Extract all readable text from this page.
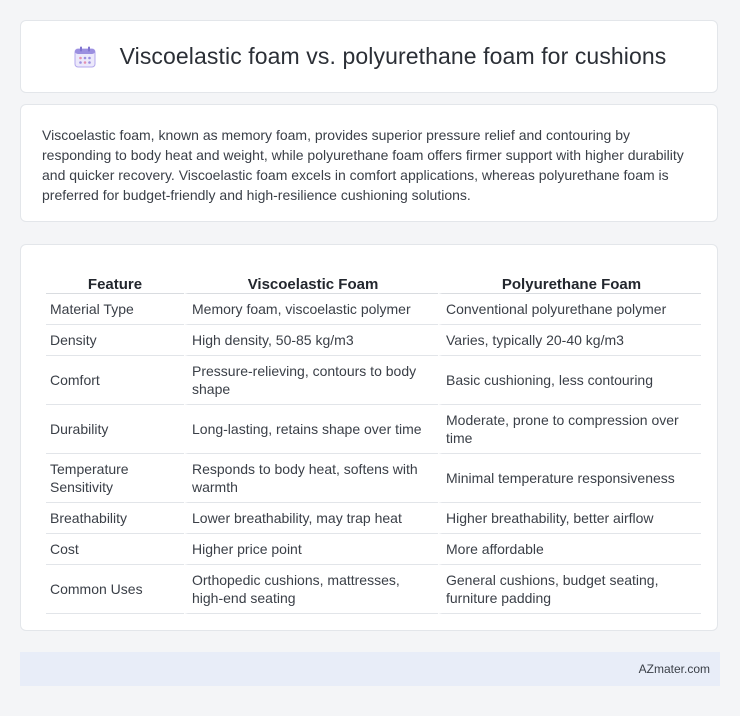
Viscoelastic foam vs. polyurethane foam for cushions

Viscoelastic foam, known as memory foam, provides superior pressure relief and contouring by responding to body heat and weight, while polyurethane foam offers firmer support with higher durability and quicker recovery. Viscoelastic foam excels in comfort applications, whereas polyurethane foam is preferred for budget-friendly and high-resilience cushioning solutions.

Feature	Viscoelastic Foam	Polyurethane Foam
Material Type	Memory foam, viscoelastic polymer	Conventional polyurethane polymer
Density	High density, 50-85 kg/m3	Varies, typically 20-40 kg/m3
Comfort	Pressure-relieving, contours to body shape	Basic cushioning, less contouring
Durability	Long-lasting, retains shape over time	Moderate, prone to compression over time
Temperature Sensitivity	Responds to body heat, softens with warmth	Minimal temperature responsiveness
Breathability	Lower breathability, may trap heat	Higher breathability, better airflow
Cost	Higher price point	More affordable
Common Uses	Orthopedic cushions, mattresses, high-end seating	General cushions, budget seating, furniture padding
AZmater.com
